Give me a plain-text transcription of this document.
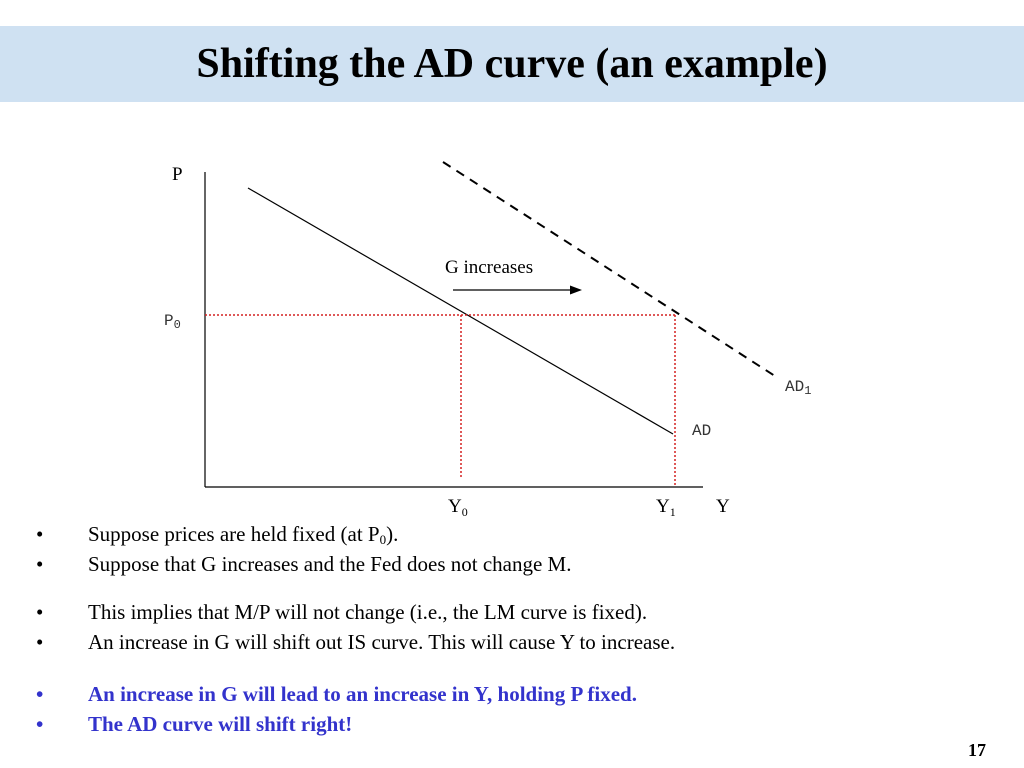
Shifting the AD curve (an example)
G increases
P
Y
P0
$Y_0$	$Y_1$
AD
AD1
• Suppose prices are held fixed (at $P_0$).
• Suppose that G increases and the Fed does not change M.
• This implies that M/P will not change (i.e., the LM curve is fixed).
• An increase in G will shift out IS curve. This will cause Y to increase.
• An increase in G will lead to an increase in Y, holding P fixed.
• The AD curve will shift right!
17
